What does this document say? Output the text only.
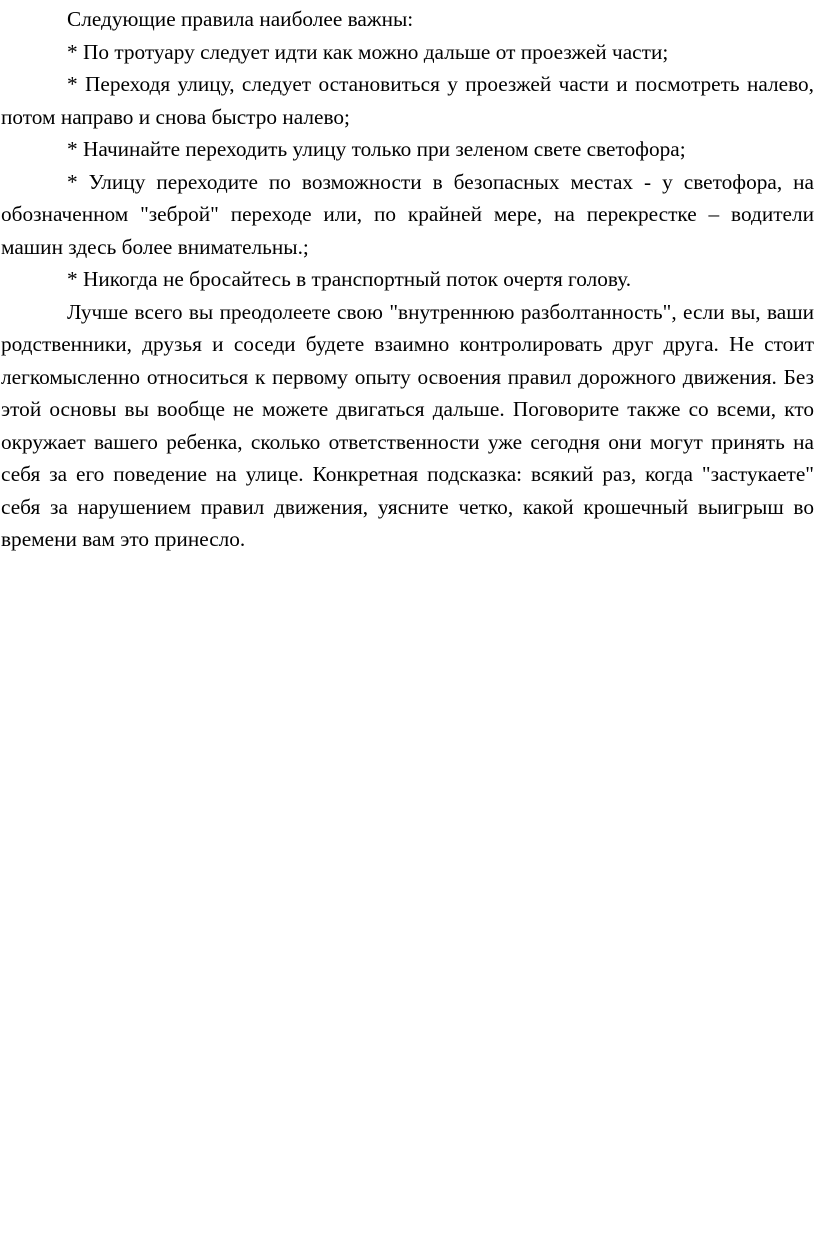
Следующие правила наиболее важны:

* По тротуару следует идти как можно дальше от проезжей части;

* Переходя улицу, следует остановиться у проезжей части и посмотреть налево, потом направо и снова быстро налево;

* Начинайте переходить улицу только при зеленом свете светофора;

* Улицу переходите по возможности в безопасных местах - у светофора, на обозначенном "зеброй" переходе или, по крайней мере, на перекрестке – водители машин здесь более внимательны.;

* Никогда не бросайтесь в транспортный поток очертя голову.

Лучше всего вы преодолеете свою "внутреннюю разболтанность", если вы, ваши родственники, друзья и соседи будете взаимно контролировать друг друга. Не стоит легкомысленно относиться к первому опыту освоения правил дорожного движения. Без этой основы вы вообще не можете двигаться дальше. Поговорите также со всеми, кто окружает вашего ребенка, сколько ответственности уже сегодня они могут принять на себя за его поведение на улице. Конкретная подсказка: всякий раз, когда "застукаете" себя за нарушением правил движения, уясните четко, какой крошечный выигрыш во времени вам это принесло.
